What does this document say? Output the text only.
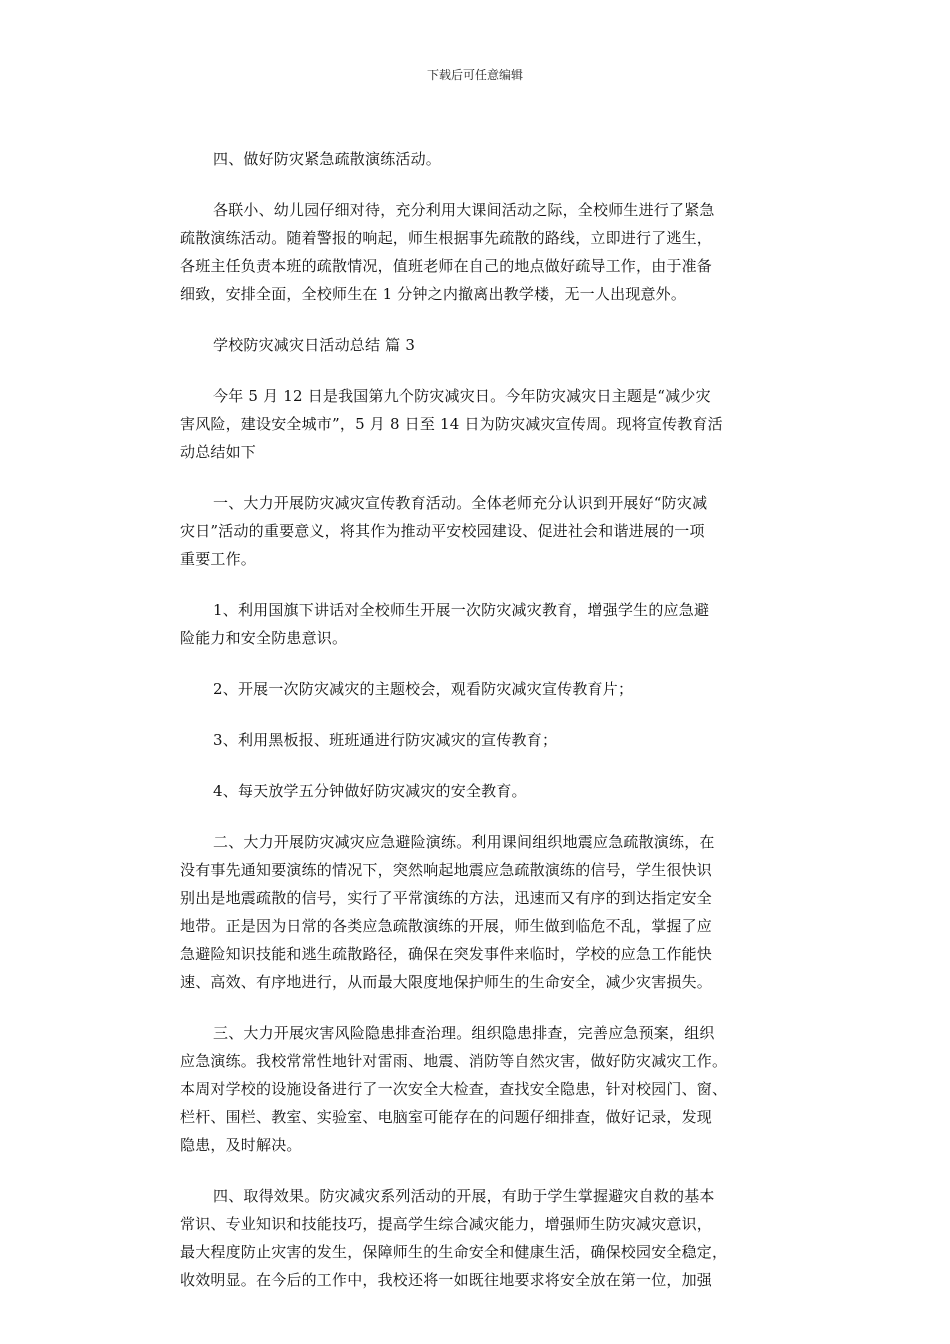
下载后可任意编辑

四、做好防灾紧急疏散演练活动。

各联小、幼儿园仔细对待，充分利用大课间活动之际，全校师生进行了紧急
疏散演练活动。随着警报的响起，师生根据事先疏散的路线，立即进行了逃生，
各班主任负责本班的疏散情况，值班老师在自己的地点做好疏导工作，由于准备
细致，安排全面，全校师生在 1 分钟之内撤离出教学楼，无一人出现意外。

学校防灾减灾日活动总结 篇 3

今年 5 月 12 日是我国第九个防灾减灾日。今年防灾减灾日主题是“减少灾
害风险，建设安全城市”，5 月 8 日至 14 日为防灾减灾宣传周。现将宣传教育活
动总结如下

一、大力开展防灾减灾宣传教育活动。全体老师充分认识到开展好“防灾减
灾日”活动的重要意义，将其作为推动平安校园建设、促进社会和谐进展的一项
重要工作。

1、利用国旗下讲话对全校师生开展一次防灾减灾教育，增强学生的应急避
险能力和安全防患意识。

2、开展一次防灾减灾的主题校会，观看防灾减灾宣传教育片；

3、利用黑板报、班班通进行防灾减灾的宣传教育；

4、每天放学五分钟做好防灾减灾的安全教育。

二、大力开展防灾减灾应急避险演练。利用课间组织地震应急疏散演练，在
没有事先通知要演练的情况下，突然响起地震应急疏散演练的信号，学生很快识
别出是地震疏散的信号，实行了平常演练的方法，迅速而又有序的到达指定安全
地带。正是因为日常的各类应急疏散演练的开展，师生做到临危不乱，掌握了应
急避险知识技能和逃生疏散路径，确保在突发事件来临时，学校的应急工作能快
速、高效、有序地进行，从而最大限度地保护师生的生命安全，减少灾害损失。

三、大力开展灾害风险隐患排查治理。组织隐患排查，完善应急预案，组织
应急演练。我校常常性地针对雷雨、地震、消防等自然灾害，做好防灾减灾工作。
本周对学校的设施设备进行了一次安全大检查，查找安全隐患，针对校园门、窗、
栏杆、围栏、教室、实验室、电脑室可能存在的问题仔细排查，做好记录，发现
隐患，及时解决。

四、取得效果。防灾减灾系列活动的开展，有助于学生掌握避灾自救的基本
常识、专业知识和技能技巧，提高学生综合减灾能力，增强师生防灾减灾意识，
最大程度防止灾害的发生，保障师生的生命安全和健康生活，确保校园安全稳定，
收效明显。在今后的工作中，我校还将一如既往地要求将安全放在第一位，加强
